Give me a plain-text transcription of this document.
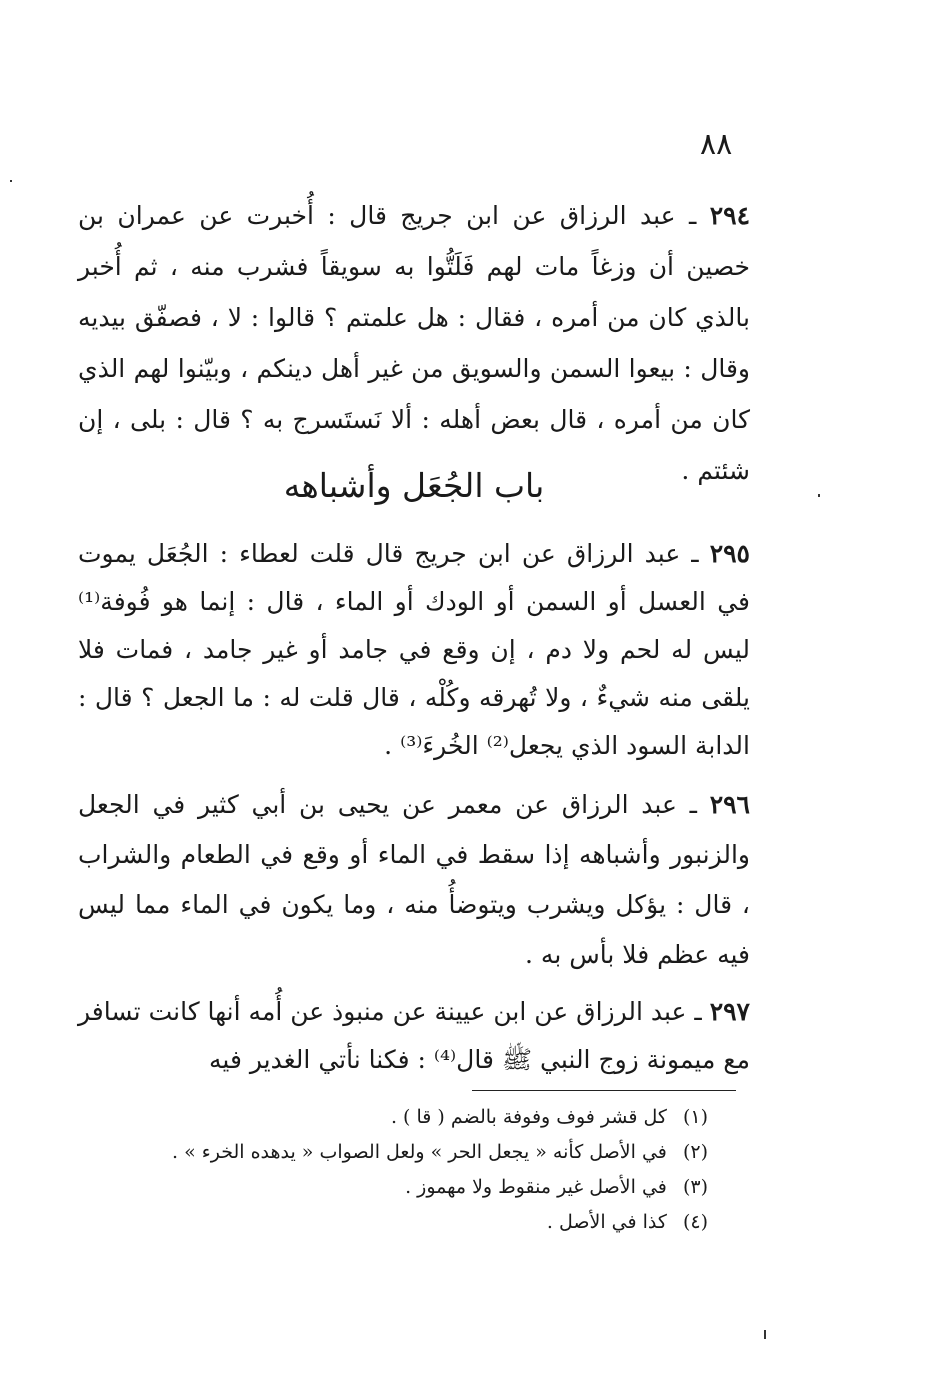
٨٨

٢٩٤ ـ عبد الرزاق عن ابن جريج قال : أُخبرت عن عمران بن خصين أن وزغاً مات لهم فَلَتُّوا به سويقاً فشرب منه ، ثم أُخبر بالذي كان من أمره ، فقال : هل علمتم ؟ قالوا : لا ، فصفّق بيديه وقال : بيعوا السمن والسويق من غير أهل دينكم ، وبيّنوا لهم الذي كان من أمره ، قال بعض أهله : ألا نَستَسرج به ؟ قال : بلى ، إن شئتم .

باب الجُعَل وأشباهه

٢٩٥ ـ عبد الرزاق عن ابن جريج قال قلت لعطاء : الجُعَل يموت في العسل أو السمن أو الودك أو الماء ، قال : إنما هو فُوفة⁽¹⁾ ليس له لحم ولا دم ، إن وقع في جامد أو غير جامد ، فمات فلا يلقى منه شيءٌ ، ولا تُهرقه وكُلْه ، قال قلت له : ما الجعل ؟ قال : الدابة السود الذي يجعل⁽²⁾ الخُرءَ⁽³⁾ .

٢٩٦ ـ عبد الرزاق عن معمر عن يحيى بن أبي كثير في الجعل والزنبور وأشباهه إذا سقط في الماء أو وقع في الطعام والشراب ، قال : يؤكل ويشرب ويتوضأُ منه ، وما يكون في الماء مما ليس فيه عظم فلا بأس به .

٢٩٧ ـ عبد الرزاق عن ابن عيينة عن منبوذ عن أُمه أنها كانت تسافر مع ميمونة زوج النبي ﷺ قال⁽⁴⁾ : فكنا نأتي الغدير فيه

(١) كل قشر فوف وفوفة بالضم ( قا ) .
(٢) في الأصل كأنه « يجعل الحر » ولعل الصواب « يدهده الخرء » .
(٣) في الأصل غير منقوط ولا مهموز .
(٤) كذا في الأصل .
